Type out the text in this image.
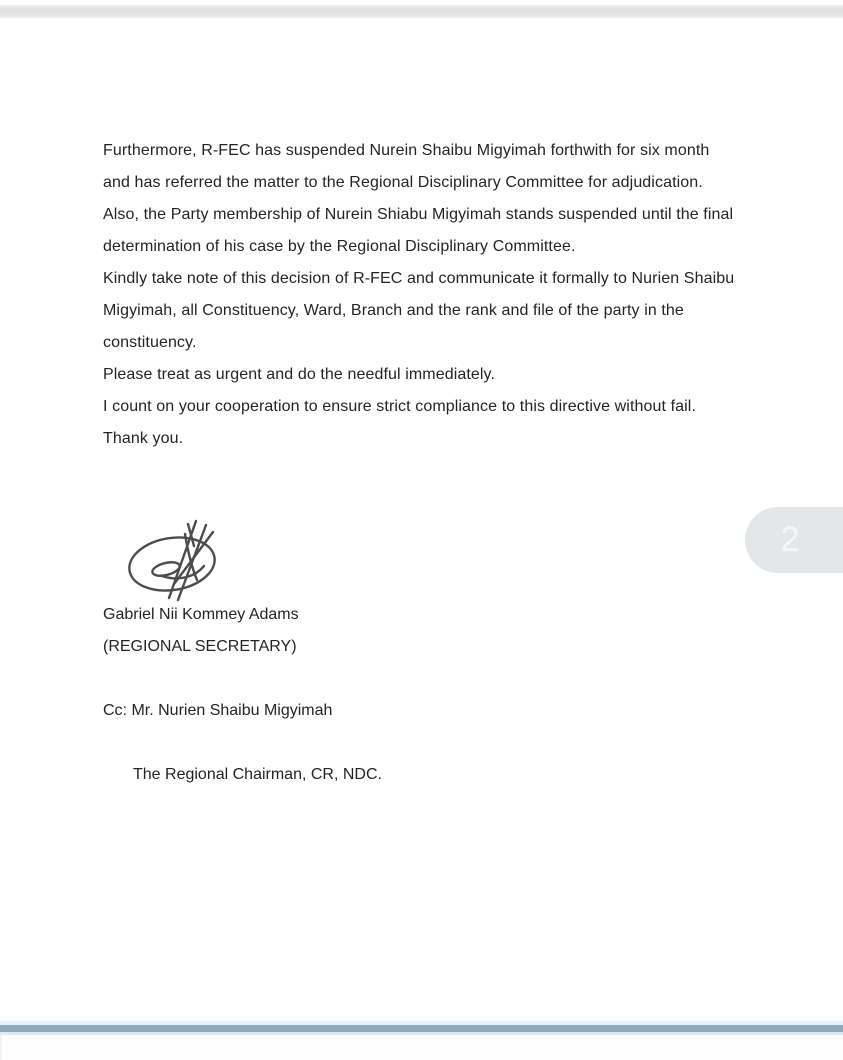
Furthermore, R-FEC has suspended Nurein Shaibu Migyimah forthwith for six month and has referred the matter to the Regional Disciplinary Committee for adjudication. Also, the Party membership of Nurein Shiabu Migyimah stands suspended until the final determination of his case by the Regional Disciplinary Committee.

Kindly take note of this decision of R-FEC and communicate it formally to Nurien Shaibu Migyimah, all Constituency, Ward, Branch and the rank and file of the party in the constituency.

Please treat as urgent and do the needful immediately.

I count on your cooperation to ensure strict compliance to this directive without fail.

Thank you.

Gabriel Nii Kommey Adams
(REGIONAL SECRETARY)
Cc: Mr. Nurien Shaibu Migyimah
The Regional Chairman, CR, NDC.
2
